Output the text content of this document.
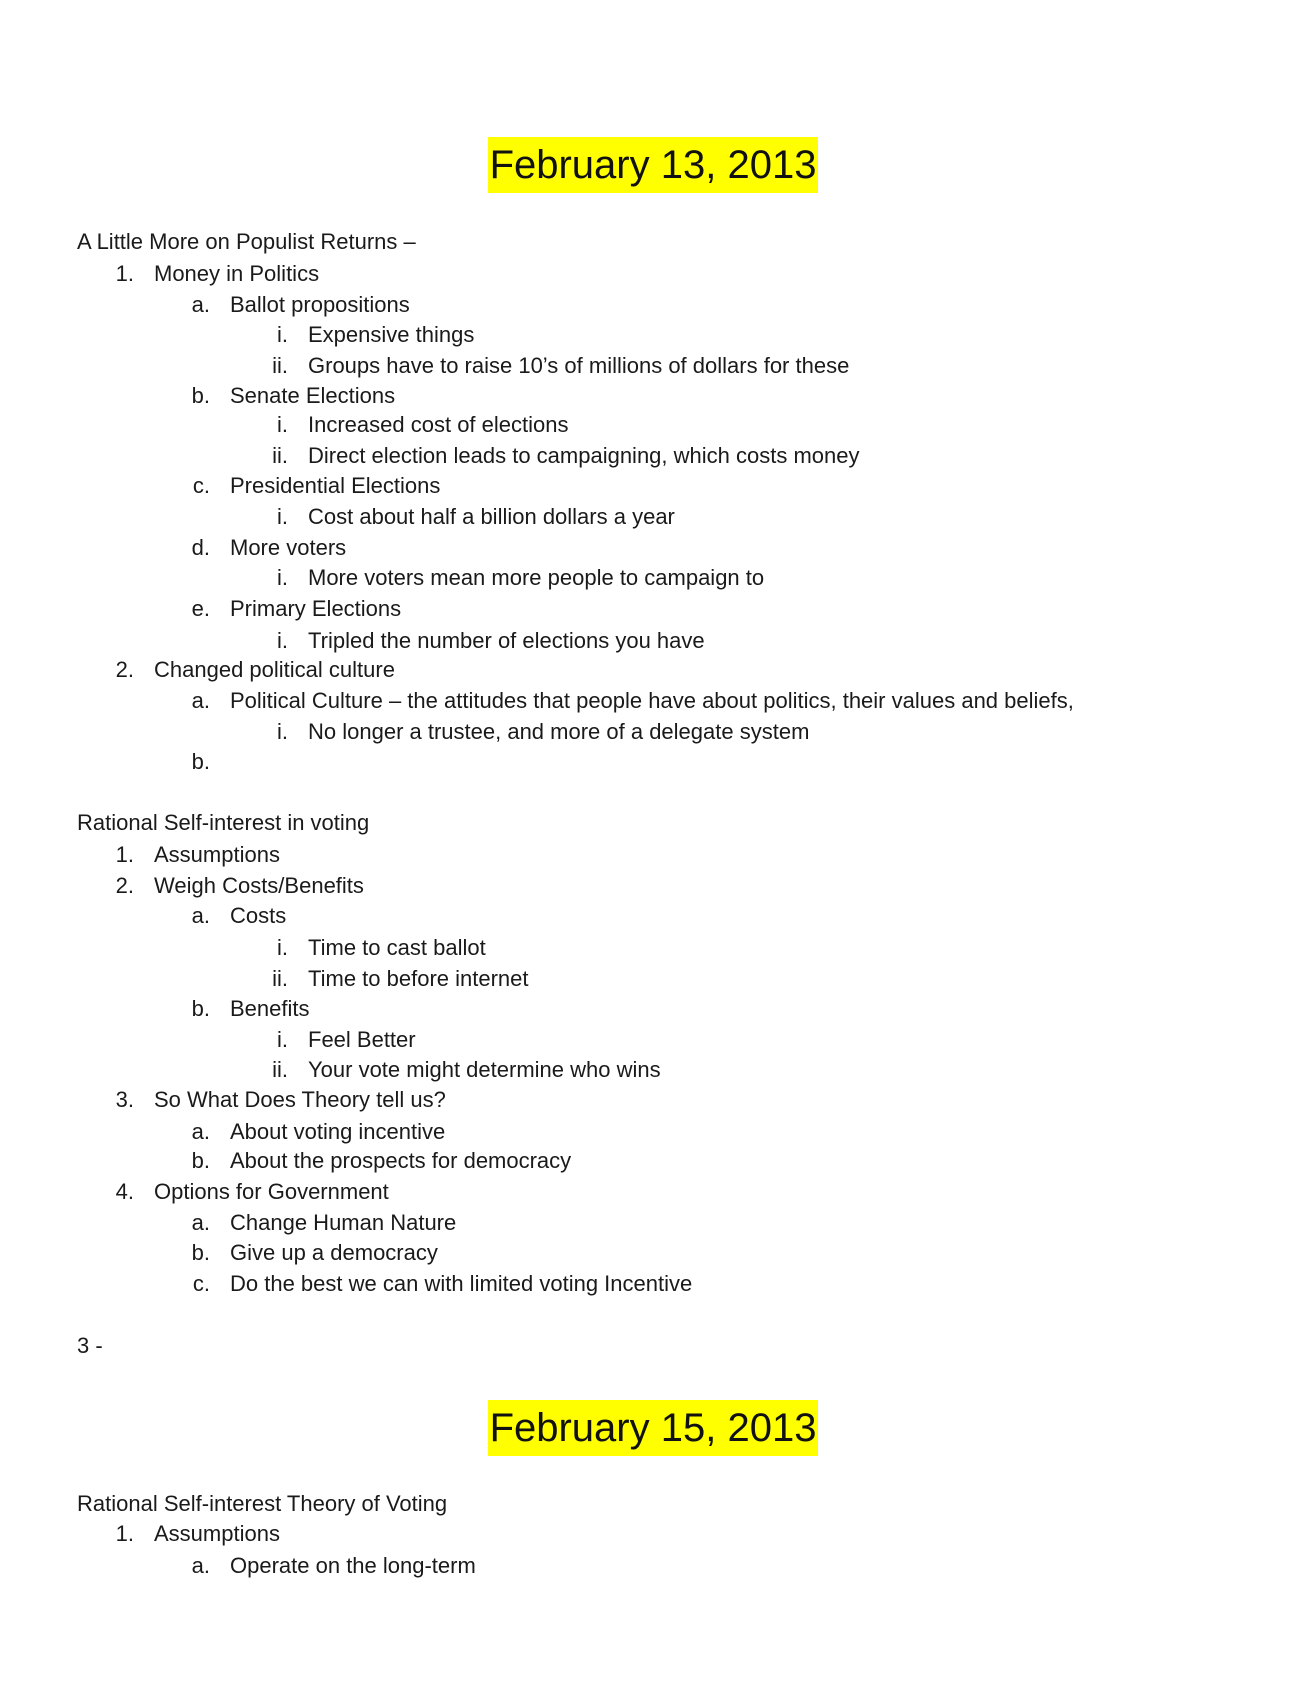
February 13, 2013
A Little More on Populist Returns –
1. Money in Politics
a. Ballot propositions
i. Expensive things
ii. Groups have to raise 10’s of millions of dollars for these
b. Senate Elections
i. Increased cost of elections
ii. Direct election leads to campaigning, which costs money
c. Presidential Elections
i. Cost about half a billion dollars a year
d. More voters
i. More voters mean more people to campaign to
e. Primary Elections
i. Tripled the number of elections you have
2. Changed political culture
a. Political Culture – the attitudes that people have about politics, their values and beliefs,
i. No longer a trustee, and more of a delegate system
b.
Rational Self-interest in voting
1. Assumptions
2. Weigh Costs/Benefits
a. Costs
i. Time to cast ballot
ii. Time to before internet
b. Benefits
i. Feel Better
ii. Your vote might determine who wins
3. So What Does Theory tell us?
a. About voting incentive
b. About the prospects for democracy
4. Options for Government
a. Change Human Nature
b. Give up a democracy
c. Do the best we can with limited voting Incentive
3 -
February 15, 2013
Rational Self-interest Theory of Voting
1. Assumptions
a. Operate on the long-term
